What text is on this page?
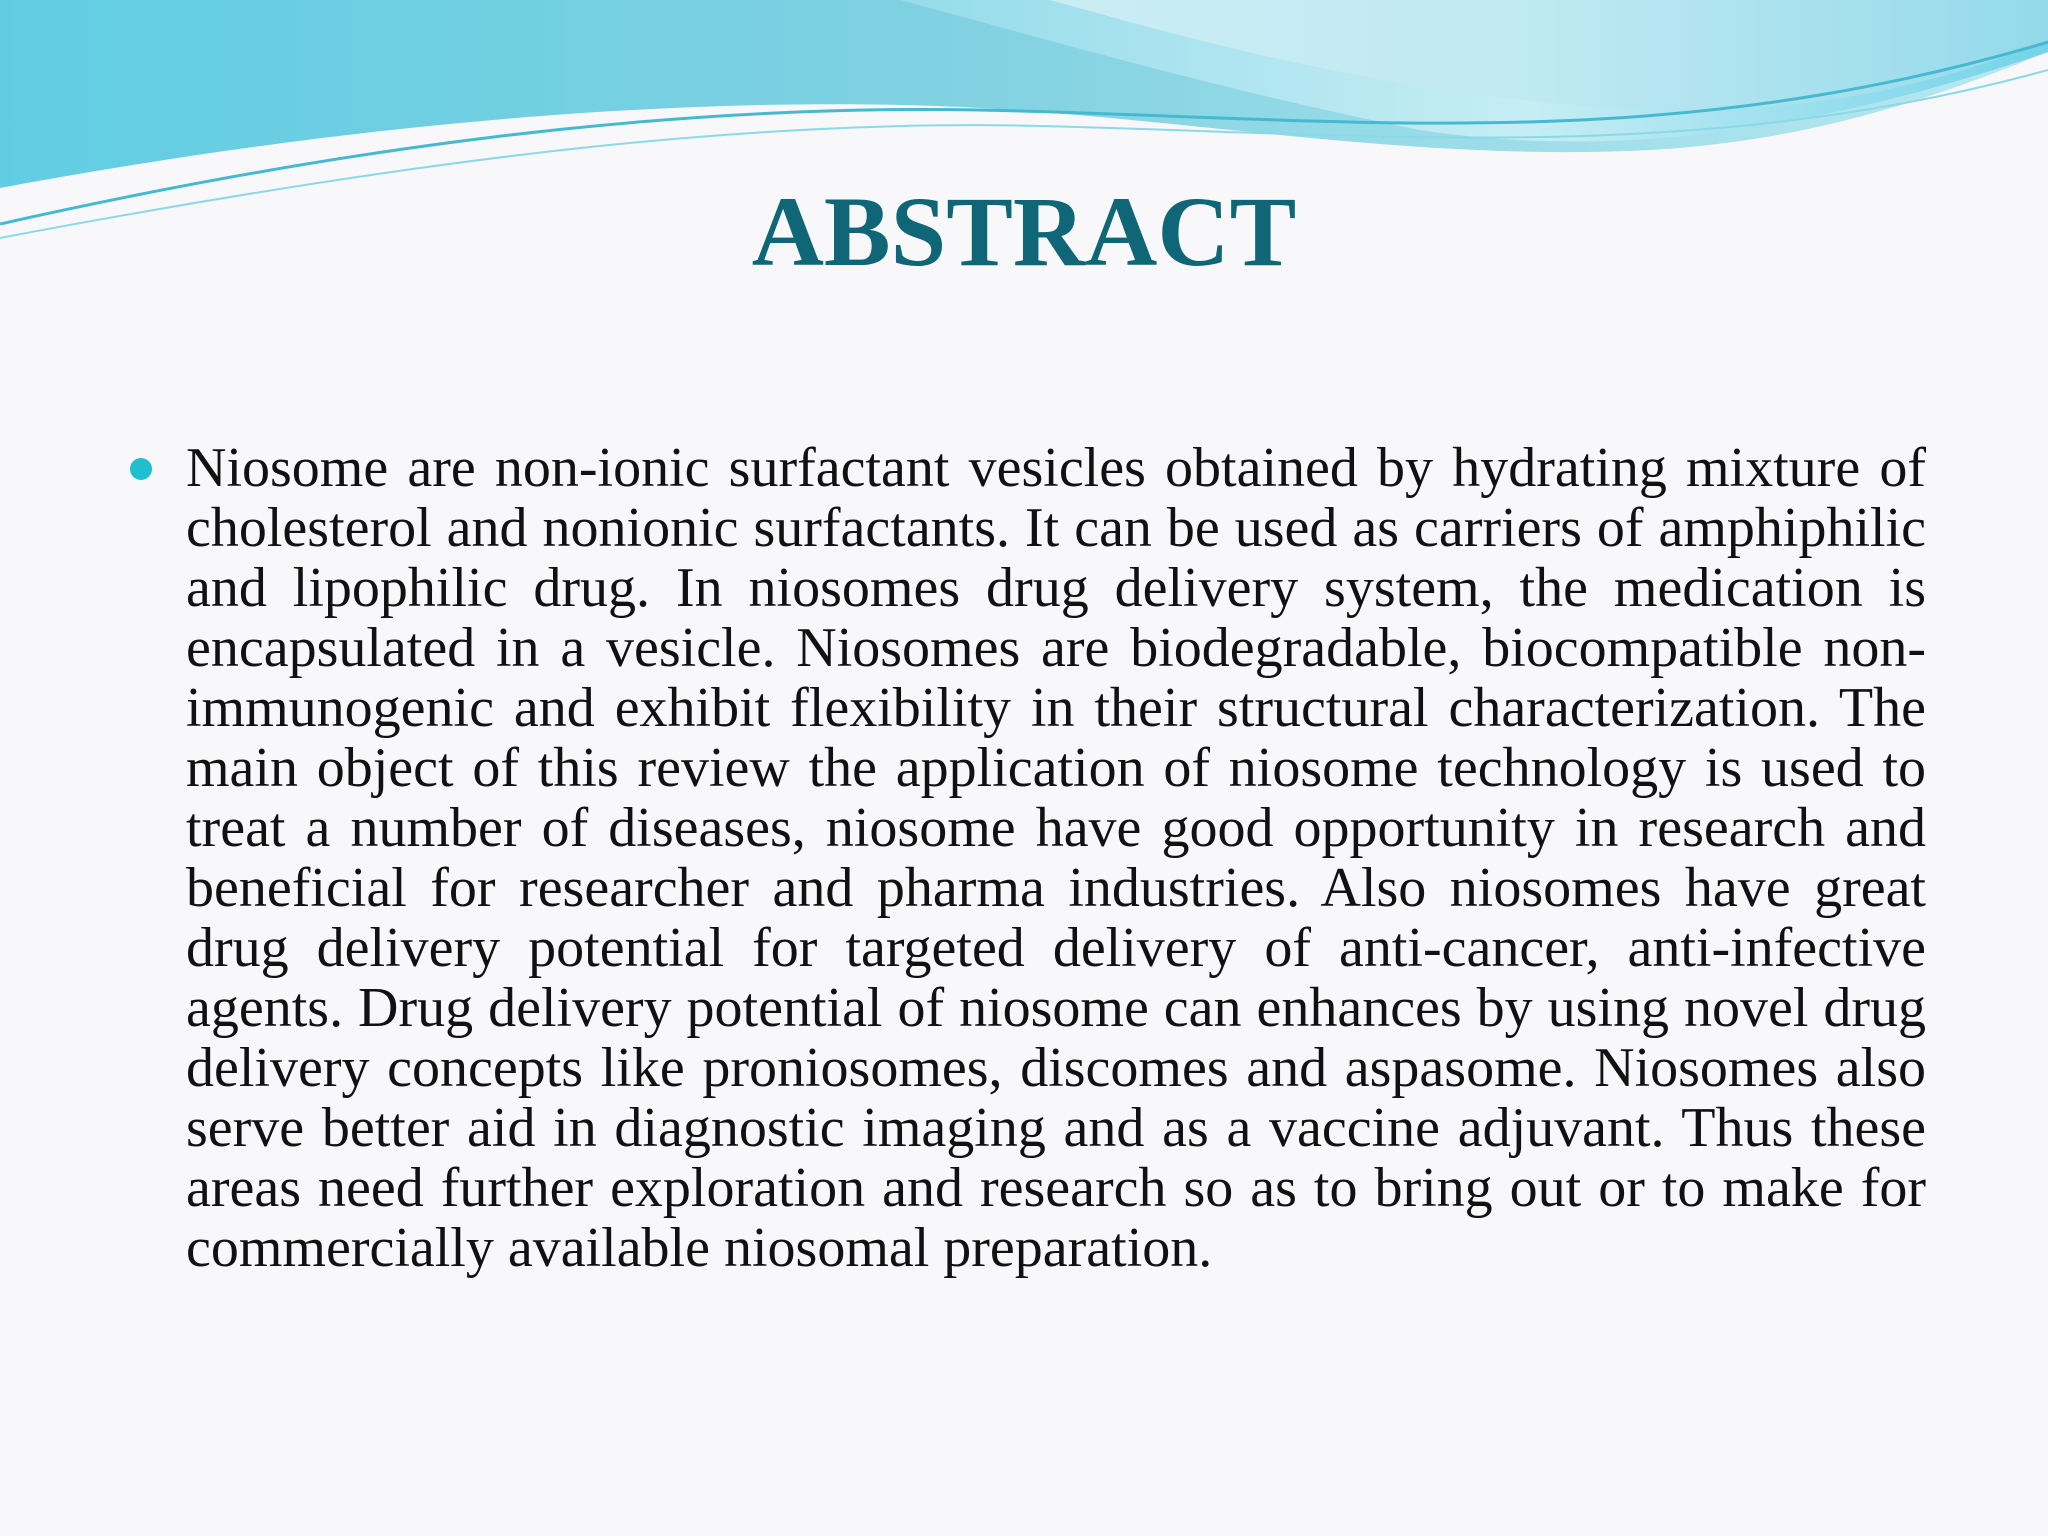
ABSTRACT
Niosome are non-ionic surfactant vesicles obtained by hydrating mixture of cholesterol and nonionic surfactants. It can be used as carriers of amphiphilic and lipophilic drug. In niosomes drug delivery system, the medication is encapsulated in a vesicle. Niosomes are biodegradable, biocompatible non-immunogenic and exhibit flexibility in their structural characterization. The main object of this review the application of niosome technology is used to treat a number of diseases, niosome have good opportunity in research and beneficial for researcher and pharma industries. Also niosomes have great drug delivery potential for targeted delivery of anti-cancer, anti-infective agents. Drug delivery potential of niosome can enhances by using novel drug delivery concepts like proniosomes, discomes and aspasome. Niosomes also serve better aid in diagnostic imaging and as a vaccine adjuvant. Thus these areas need further exploration and research so as to bring out or to make for commercially available niosomal preparation.
